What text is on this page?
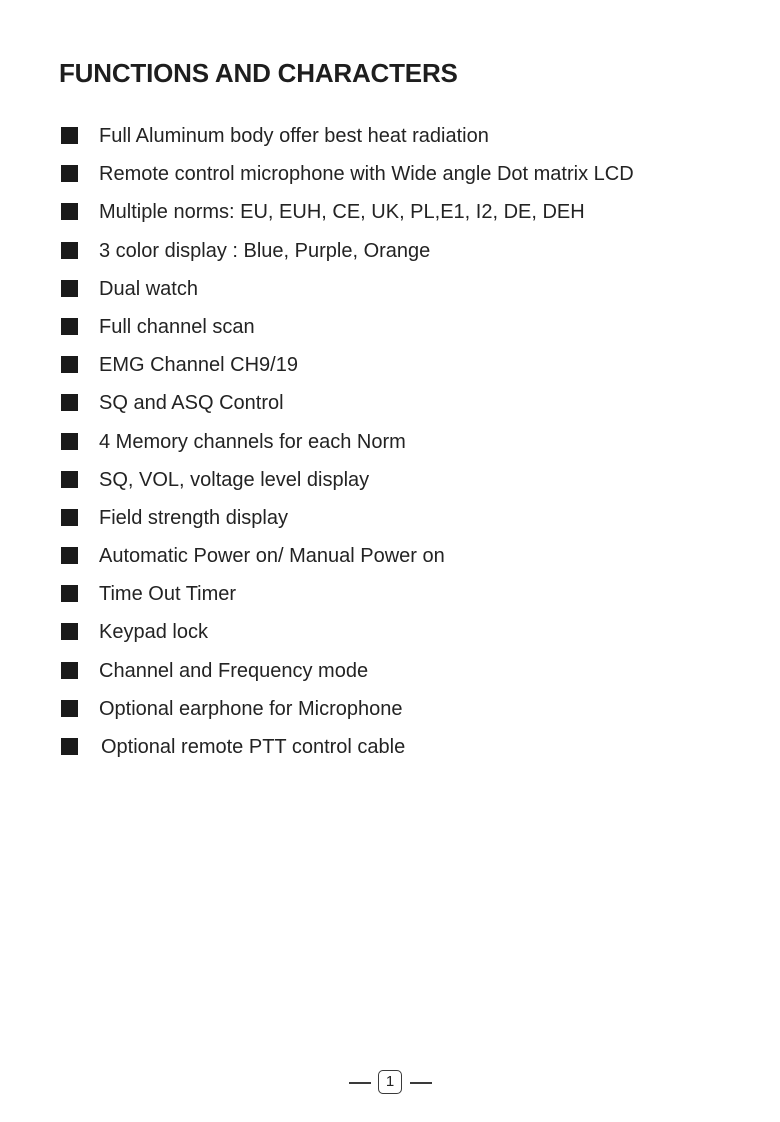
FUNCTIONS AND CHARACTERS
Full Aluminum body offer best heat radiation
Remote control microphone with Wide angle Dot matrix LCD
Multiple norms: EU, EUH, CE, UK, PL,E1, I2, DE, DEH
3 color display : Blue, Purple, Orange
Dual watch
Full channel scan
EMG Channel CH9/19
SQ and ASQ Control
4 Memory channels for each Norm
SQ, VOL, voltage level display
Field strength display
Automatic Power on/ Manual Power on
Time Out Timer
Keypad lock
Channel and Frequency mode
Optional earphone for Microphone
Optional remote PTT control cable
1
